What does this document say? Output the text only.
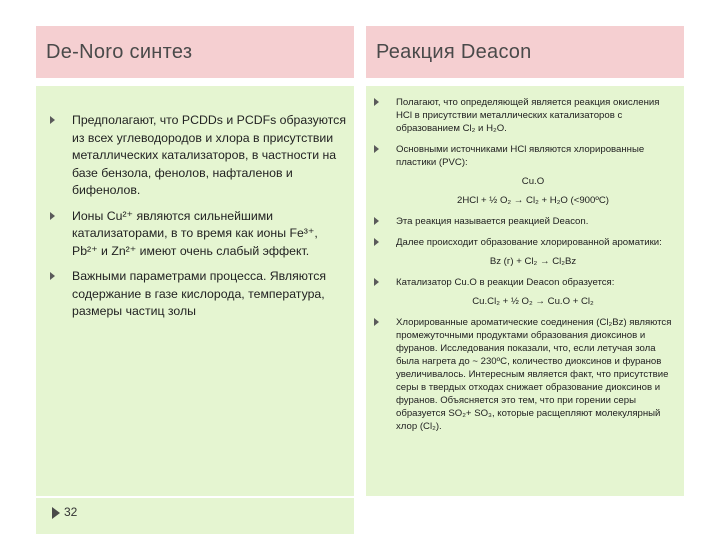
De-Noro синтез	Реакция Deacon
Предполагают, что PCDDs и PCDFs образуются из всех углеводородов и хлора в присутствии металлических катализаторов, в частности на базе бензола, фенолов, нафталенов и бифенолов.
Ионы Cu²⁺ являются сильнейшими катализаторами, в то время как ионы Fe³⁺, Pb²⁺ и Zn²⁺ имеют очень слабый эффект.
Важными параметрами процесса. Являются содержание в газе кислорода, температура, размеры частиц золы
Полагают, что определяющей является реакция окисления HCl в присутствии металлических катализаторов с образованием Cl₂ и H₂O.
Основными источниками HCl являются хлорированные пластики (PVC):
Cu.O
2HCl + ½ O₂ → Cl₂ + H₂O (<900ºC)
Эта реакция называется реакцией Deacon.
Далее происходит образование хлорированной ароматики:
Bz (г) + Cl₂ → Cl₂Bz
Катализатор Cu.O в реакции Deacon образуется:
Cu.Cl₂ + ½ O₂ → Cu.O + Cl₂
Хлорированные ароматические соединения (Cl₂Bz) являются промежуточными продуктами образования диоксинов и фуранов. Исследования показали, что, если летучая зола была нагрета до ~ 230ºC, количество диоксинов и фуранов увеличивалось. Интересным является факт, что присутствие серы в твердых отходах снижает образование диоксинов и фуранов. Объясняется это тем, что при горении серы образуется SO₂+ SO₃, которые расщепляют молекулярный хлор (Cl₂).
32
